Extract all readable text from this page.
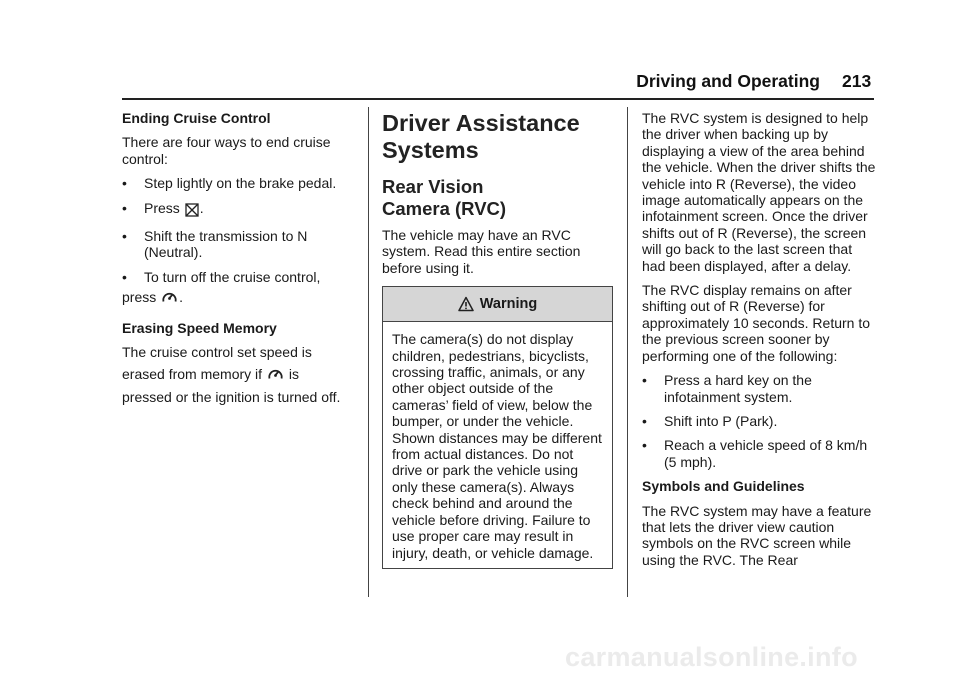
Driving and Operating 213
Ending Cruise Control

There are four ways to end cruise control:

• Step lightly on the brake pedal.
• Press .
• Shift the transmission to N (Neutral).
• To turn off the cruise control,

press .

Erasing Speed Memory

The cruise control set speed is

erased from memory if is

pressed or the ignition is turned off.

Driver Assistance
Systems
Rear Vision
Camera (RVC)

The vehicle may have an RVC system. Read this entire section before using it.

Warning
The camera(s) do not display children, pedestrians, bicyclists, crossing traffic, animals, or any other object outside of the cameras’ field of view, below the bumper, or under the vehicle. Shown distances may be different from actual distances. Do not drive or park the vehicle using only these camera(s). Always check behind and around the vehicle before driving. Failure to use proper care may result in injury, death, or vehicle damage.

The RVC system is designed to help the driver when backing up by displaying a view of the area behind the vehicle. When the driver shifts the vehicle into R (Reverse), the video image automatically appears on the infotainment screen. Once the driver shifts out of R (Reverse), the screen will go back to the last screen that had been displayed, after a delay.

The RVC display remains on after shifting out of R (Reverse) for approximately 10 seconds. Return to the previous screen sooner by performing one of the following:

• Press a hard key on the infotainment system.
• Shift into P (Park).
• Reach a vehicle speed of 8 km/h (5 mph).
Symbols and Guidelines

The RVC system may have a feature that lets the driver view caution symbols on the RVC screen while using the RVC. The Rear

carmanualsonline.info
